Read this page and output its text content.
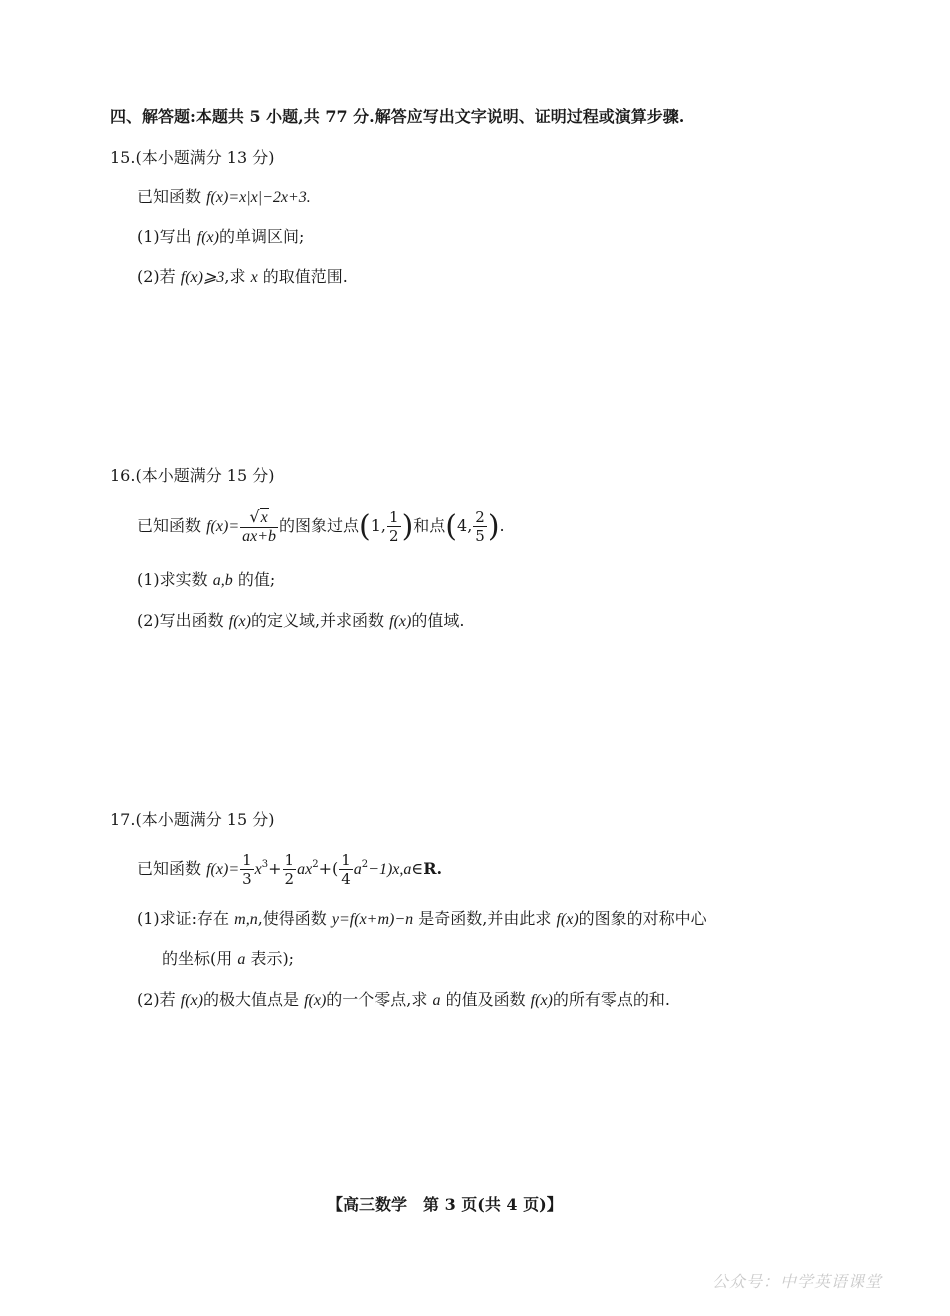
四、解答题:本题共 5 小题,共 77 分.解答应写出文字说明、证明过程或演算步骤.
15.(本小题满分 13 分)
已知函数 f(x)=x|x|−2x+3.
(1)写出 f(x)的单调区间;
(2)若 f(x)⩾3,求 x 的取值范围.
16.(本小题满分 15 分)
已知函数 $f(x)= \frac{√x}{ax+b}$ 的图象过点(1, $\frac{1}{2}$ )和点(4, $\frac{2}{5}$ ).
(1)求实数 a,b 的值;
(2)写出函数 f(x)的定义域,并求函数 f(x)的值域.
17.(本小题满分 15 分)
已知函数 $f(x)= \frac{1}{3} x^3+ \frac{1}{2} ax^2+( \frac{1}{4}$ $a^2-1)x,a\in R$.
(1)求证:存在 m,n,使得函数 y=f(x+m)−n 是奇函数,并由此求 f(x)的图象的对称中心
的坐标(用 a 表示);
(2)若 f(x)的极大值点是 f(x)的一个零点,求 a 的值及函数 f(x)的所有零点的和.
【高三数学　第 3 页(共 4 页)】
公众号：中学英语课堂
